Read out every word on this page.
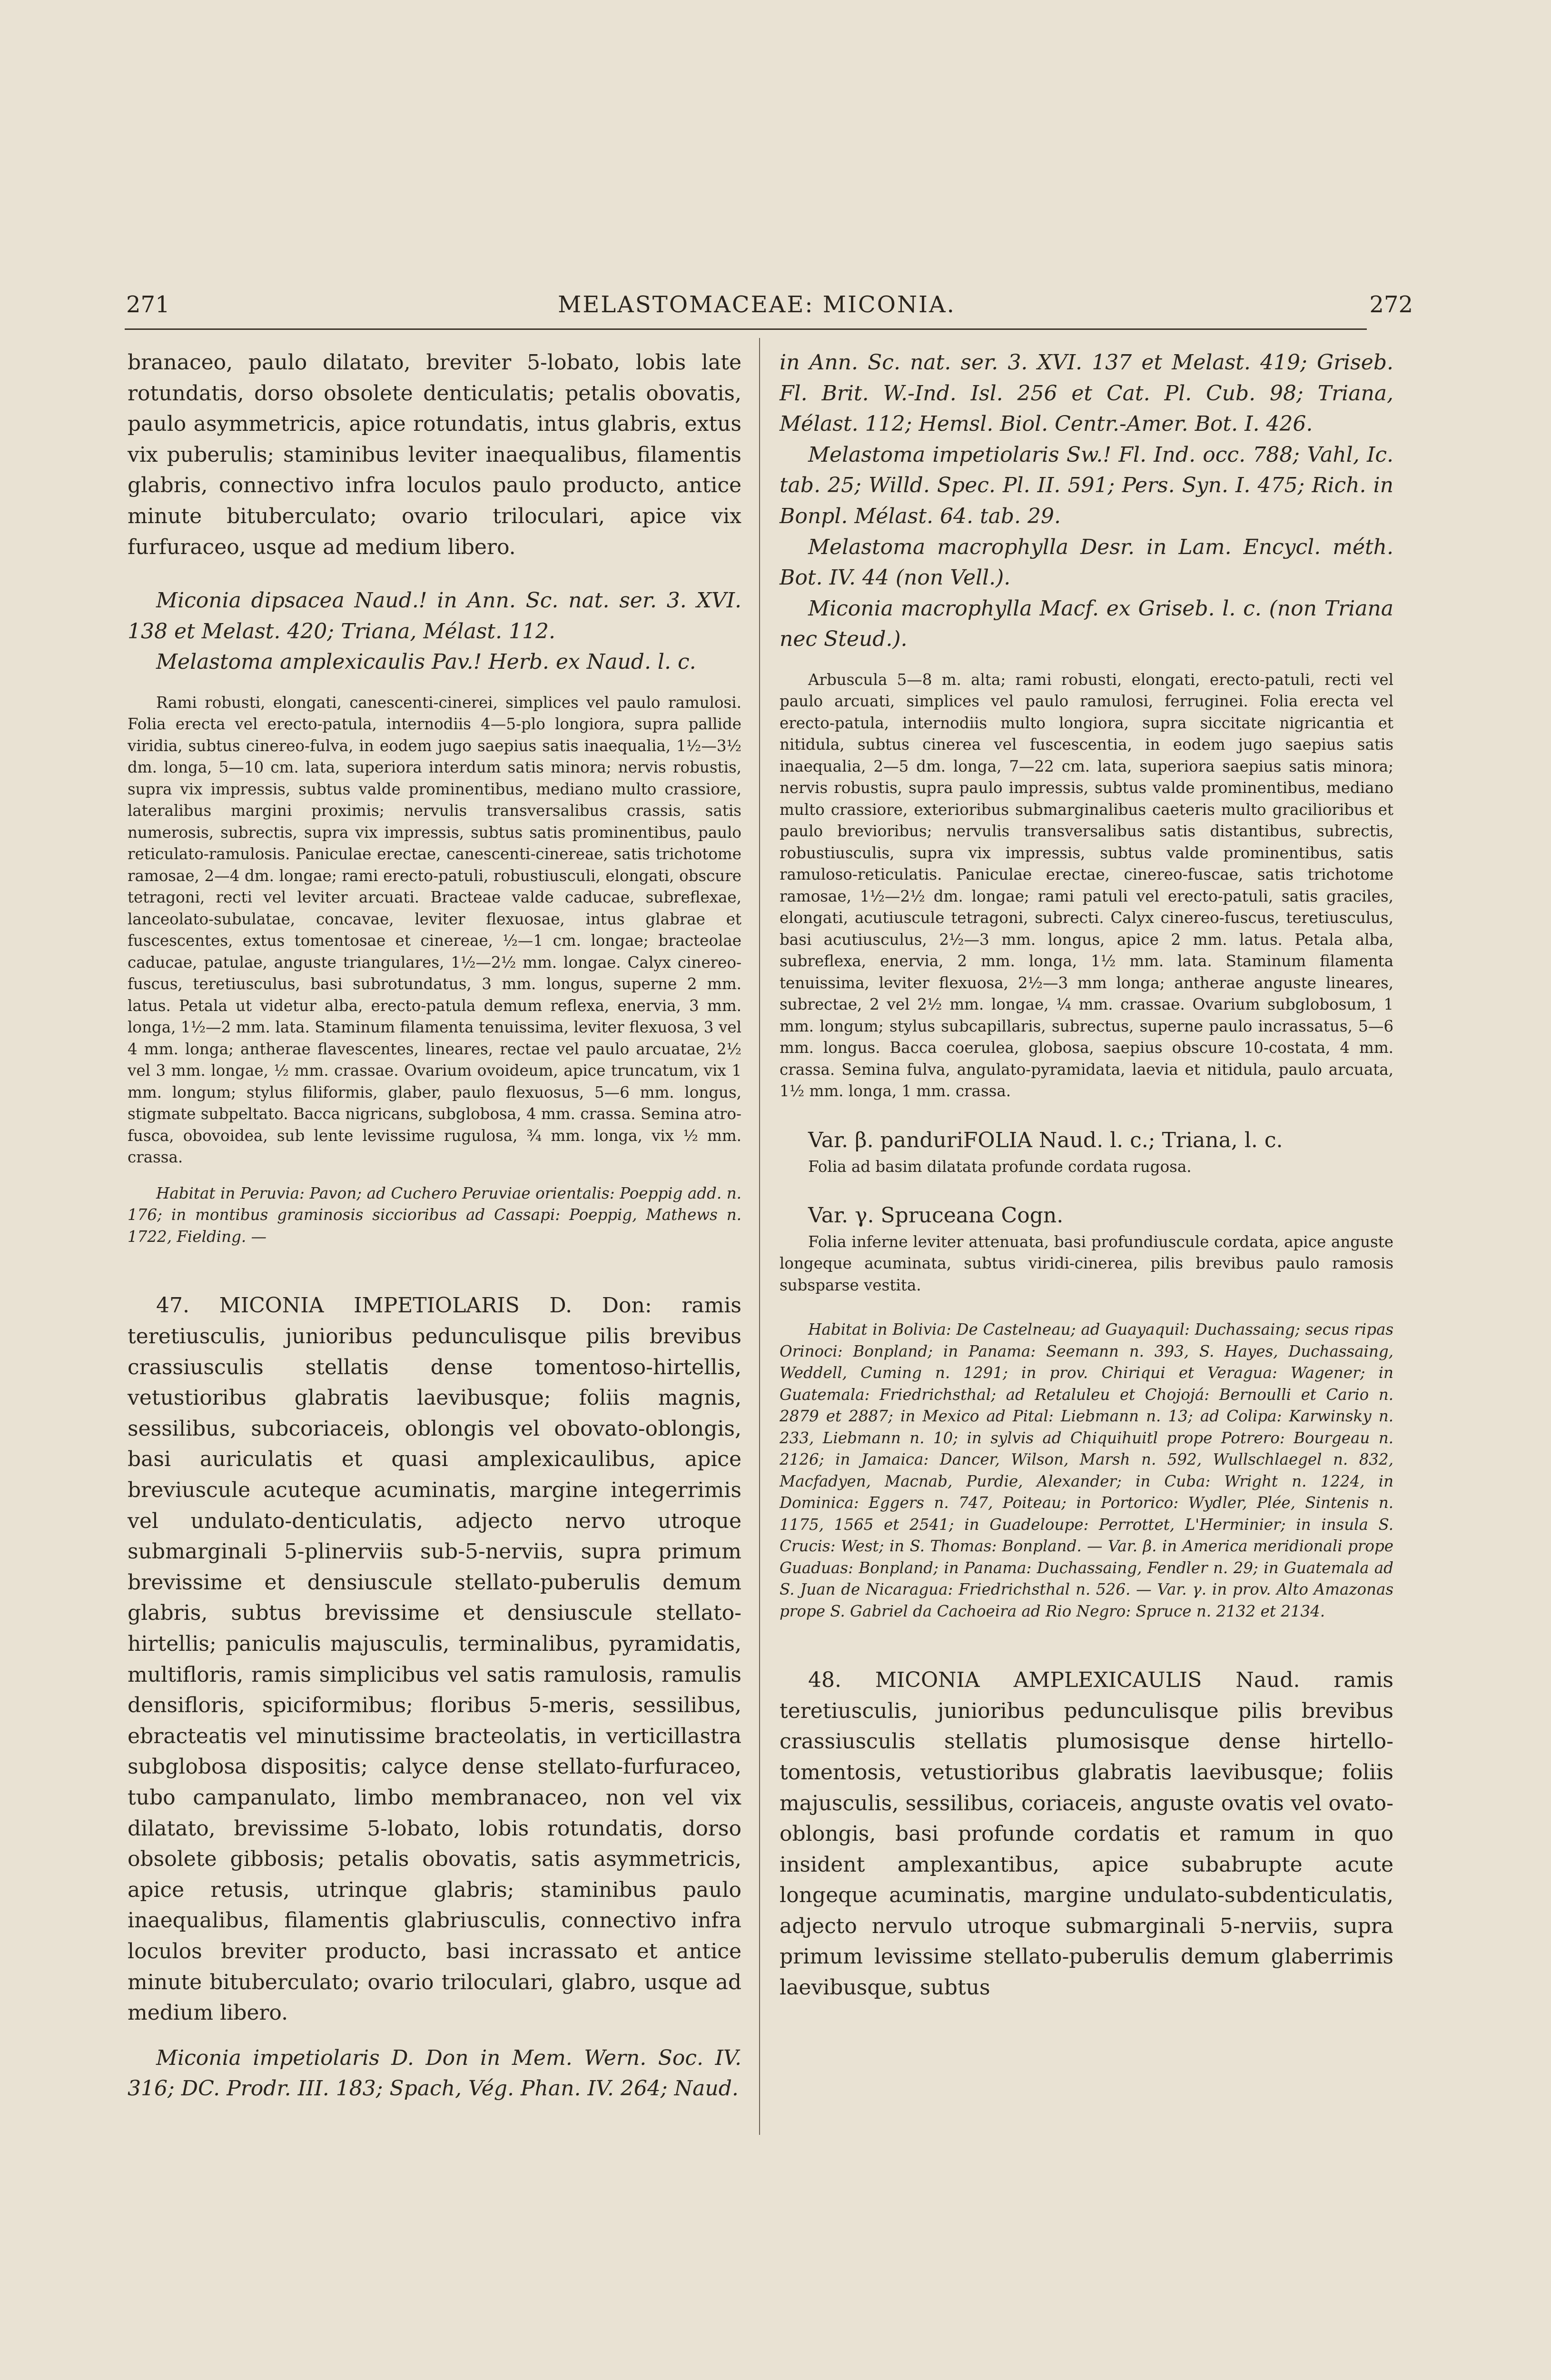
271	MELASTOMACEAE: MICONIA.	272

branaceo, paulo dilatato, breviter 5-lobato, lobis late rotundatis, dorso obsolete denticulatis; petalis obovatis, paulo asymmetricis, apice rotundatis, intus glabris, extus vix puberulis; staminibus leviter inaequalibus, filamentis glabris, connectivo infra loculos paulo producto, antice minute bituberculato; ovario triloculari, apice vix furfuraceo, usque ad medium libero.

Miconia dipsacea Naud.! in Ann. Sc. nat. ser. 3. XVI. 138 et Melast. 420; Triana, Mélast. 112.

Melastoma amplexicaulis Pav.! Herb. ex Naud. l. c.

Rami robusti, elongati, canescenti-cinerei, simplices vel paulo ramulosi. Folia erecta vel erecto-patula, internodiis 4—5-plo longiora, supra pallide viridia, subtus cinereo-fulva, in eodem jugo saepius satis inaequalia, 1½—3½ dm. longa, 5—10 cm. lata, superiora interdum satis minora; nervis robustis, supra vix impressis, subtus valde prominentibus, mediano multo crassiore, lateralibus margini proximis; nervulis transversalibus crassis, satis numerosis, subrectis, supra vix impressis, subtus satis prominentibus, paulo reticulato-ramulosis. Paniculae erectae, canescenti-cinereae, satis trichotome ramosae, 2—4 dm. longae; rami erecto-patuli, robustiusculi, elongati, obscure tetragoni, recti vel leviter arcuati. Bracteae valde caducae, subreflexae, lanceolato-subulatae, concavae, leviter flexuosae, intus glabrae et fuscescentes, extus tomentosae et cinereae, ½—1 cm. longae; bracteolae caducae, patulae, anguste triangulares, 1½—2½ mm. longae. Calyx cinereo-fuscus, teretiusculus, basi subrotundatus, 3 mm. longus, superne 2 mm. latus. Petala ut videtur alba, erecto-patula demum reflexa, enervia, 3 mm. longa, 1½—2 mm. lata. Staminum filamenta tenuissima, leviter flexuosa, 3 vel 4 mm. longa; antherae flavescentes, lineares, rectae vel paulo arcuatae, 2½ vel 3 mm. longae, ½ mm. crassae. Ovarium ovoideum, apice truncatum, vix 1 mm. longum; stylus filiformis, glaber, paulo flexuosus, 5—6 mm. longus, stigmate subpeltato. Bacca nigricans, subglobosa, 4 mm. crassa. Semina atro-fusca, obovoidea, sub lente levissime rugulosa, ¾ mm. longa, vix ½ mm. crassa.

Habitat in Peruvia: Pavon; ad Cuchero Peruviae orientalis: Poeppig add. n. 176; in montibus graminosis siccioribus ad Cassapi: Poeppig, Mathews n. 1722, Fielding. —

47. MICONIA IMPETIOLARIS D. Don: ramis teretiusculis, junioribus pedunculisque pilis brevibus crassiusculis stellatis dense tomentoso-hirtellis, vetustioribus glabratis laevibusque; foliis magnis, sessilibus, subcoriaceis, oblongis vel obovato-oblongis, basi auriculatis et quasi amplexicaulibus, apice breviuscule acuteque acuminatis, margine integerrimis vel undulato-denticulatis, adjecto nervo utroque submarginali 5-plinerviis sub-5-nerviis, supra primum brevissime et densiuscule stellato-puberulis demum glabris, subtus brevissime et densiuscule stellato-hirtellis; paniculis majusculis, terminalibus, pyramidatis, multifloris, ramis simplicibus vel satis ramulosis, ramulis densifloris, spiciformibus; floribus 5-meris, sessilibus, ebracteatis vel minutissime bracteolatis, in verticillastra subglobosa dispositis; calyce dense stellato-furfuraceo, tubo campanulato, limbo membranaceo, non vel vix dilatato, brevissime 5-lobato, lobis rotundatis, dorso obsolete gibbosis; petalis obovatis, satis asymmetricis, apice retusis, utrinque glabris; staminibus paulo inaequalibus, filamentis glabriusculis, connectivo infra loculos breviter producto, basi incrassato et antice minute bituberculato; ovario triloculari, glabro, usque ad medium libero.

Miconia impetiolaris D. Don in Mem. Wern. Soc. IV. 316; DC. Prodr. III. 183; Spach, Vég. Phan. IV. 264; Naud.

in Ann. Sc. nat. ser. 3. XVI. 137 et Melast. 419; Griseb. Fl. Brit. W.-Ind. Isl. 256 et Cat. Pl. Cub. 98; Triana, Mélast. 112; Hemsl. Biol. Centr.-Amer. Bot. I. 426.

Melastoma impetiolaris Sw.! Fl. Ind. occ. 788; Vahl, Ic. tab. 25; Willd. Spec. Pl. II. 591; Pers. Syn. I. 475; Rich. in Bonpl. Mélast. 64. tab. 29.

Melastoma macrophylla Desr. in Lam. Encycl. méth. Bot. IV. 44 (non Vell.).

Miconia macrophylla Macf. ex Griseb. l. c. (non Triana nec Steud.).

Arbuscula 5—8 m. alta; rami robusti, elongati, erecto-patuli, recti vel paulo arcuati, simplices vel paulo ramulosi, ferruginei. Folia erecta vel erecto-patula, internodiis multo longiora, supra siccitate nigricantia et nitidula, subtus cinerea vel fuscescentia, in eodem jugo saepius satis inaequalia, 2—5 dm. longa, 7—22 cm. lata, superiora saepius satis minora; nervis robustis, supra paulo impressis, subtus valde prominentibus, mediano multo crassiore, exterioribus submarginalibus caeteris multo gracilioribus et paulo brevioribus; nervulis transversalibus satis distantibus, subrectis, robustiusculis, supra vix impressis, subtus valde prominentibus, satis ramuloso-reticulatis. Paniculae erectae, cinereo-fuscae, satis trichotome ramosae, 1½—2½ dm. longae; rami patuli vel erecto-patuli, satis graciles, elongati, acutiuscule tetragoni, subrecti. Calyx cinereo-fuscus, teretiusculus, basi acutiusculus, 2½—3 mm. longus, apice 2 mm. latus. Petala alba, subreflexa, enervia, 2 mm. longa, 1½ mm. lata. Staminum filamenta tenuissima, leviter flexuosa, 2½—3 mm longa; antherae anguste lineares, subrectae, 2 vel 2½ mm. longae, ¼ mm. crassae. Ovarium subglobosum, 1 mm. longum; stylus subcapillaris, subrectus, superne paulo incrassatus, 5—6 mm. longus. Bacca coerulea, globosa, saepius obscure 10-costata, 4 mm. crassa. Semina fulva, angulato-pyramidata, laevia et nitidula, paulo arcuata, 1½ mm. longa, 1 mm. crassa.

Var. β. panduriFOLIA Naud. l. c.; Triana, l. c.

Folia ad basim dilatata profunde cordata rugosa.

Var. γ. Spruceana Cogn.

Folia inferne leviter attenuata, basi profundiuscule cordata, apice anguste longeque acuminata, subtus viridi-cinerea, pilis brevibus paulo ramosis subsparse vestita.

Habitat in Bolivia: De Castelneau; ad Guayaquil: Duchassaing; secus ripas Orinoci: Bonpland; in Panama: Seemann n. 393, S. Hayes, Duchassaing, Weddell, Cuming n. 1291; in prov. Chiriqui et Veragua: Wagener; in Guatemala: Friedrichsthal; ad Retaluleu et Chojojá: Bernoulli et Cario n. 2879 et 2887; in Mexico ad Pital: Liebmann n. 13; ad Colipa: Karwinsky n. 233, Liebmann n. 10; in sylvis ad Chiquihuitl prope Potrero: Bourgeau n. 2126; in Jamaica: Dancer, Wilson, Marsh n. 592, Wullschlaegel n. 832, Macfadyen, Macnab, Purdie, Alexander; in Cuba: Wright n. 1224, in Dominica: Eggers n. 747, Poiteau; in Portorico: Wydler, Plée, Sintenis n. 1175, 1565 et 2541; in Guadeloupe: Perrottet, L'Herminier; in insula S. Crucis: West; in S. Thomas: Bonpland. — Var. β. in America meridionali prope Guaduas: Bonpland; in Panama: Duchassaing, Fendler n. 29; in Guatemala ad S. Juan de Nicaragua: Friedrichsthal n. 526. — Var. γ. in prov. Alto Amazonas prope S. Gabriel da Cachoeira ad Rio Negro: Spruce n. 2132 et 2134.

48. MICONIA AMPLEXICAULIS Naud. ramis teretiusculis, junioribus pedunculisque pilis brevibus crassiusculis stellatis plumosisque dense hirtello-tomentosis, vetustioribus glabratis laevibusque; foliis majusculis, sessilibus, coriaceis, anguste ovatis vel ovato-oblongis, basi profunde cordatis et ramum in quo insident amplexantibus, apice subabrupte acute longeque acuminatis, margine undulato-subdenticulatis, adjecto nervulo utroque submarginali 5-nerviis, supra primum levissime stellato-puberulis demum glaberrimis laevibusque, subtus
